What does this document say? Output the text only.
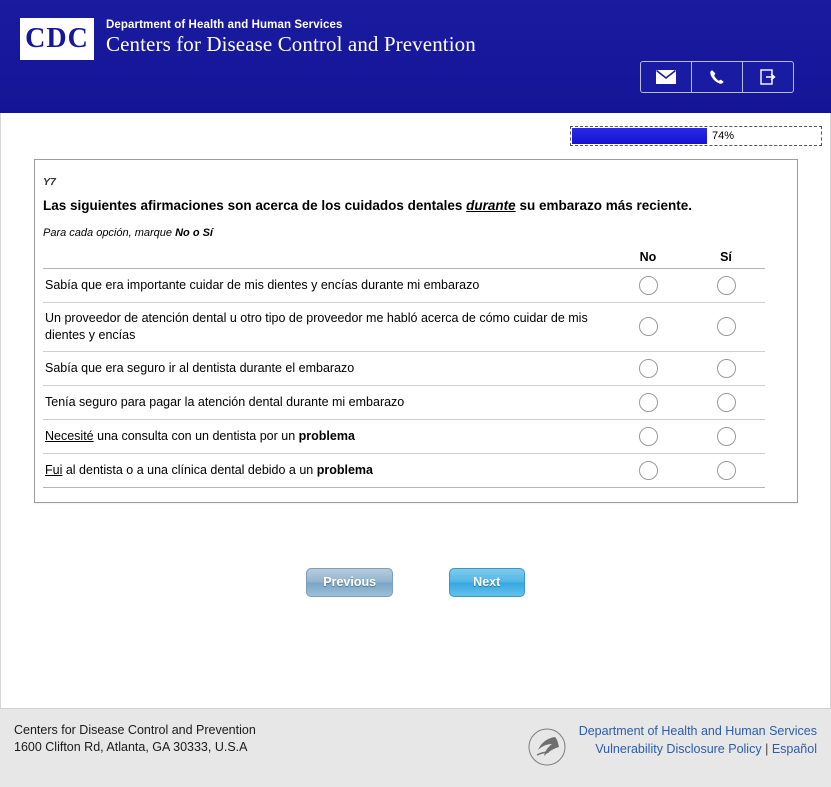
CDC Department of Health and Human Services
Centers for Disease Control and Prevention
74%
Y7
Las siguientes afirmaciones son acerca de los cuidados dentales durante su embarazo más reciente.
Para cada opción, marque No o Sí
	No	Sí
Sabía que era importante cuidar de mis dientes y encías durante mi embarazo		
Un proveedor de atención dental u otro tipo de proveedor me habló acerca de cómo cuidar de mis dientes y encías		
Sabía que era seguro ir al dentista durante el embarazo		
Tenía seguro para pagar la atención dental durante mi embarazo		
Necesité una consulta con un dentista por un problema		
Fui al dentista o a una clínica dental debido a un problema		
Previous	Next
Centers for Disease Control and Prevention
1600 Clifton Rd, Atlanta, GA 30333, U.S.A
Department of Health and Human Services
Vulnerability Disclosure Policy | Español
